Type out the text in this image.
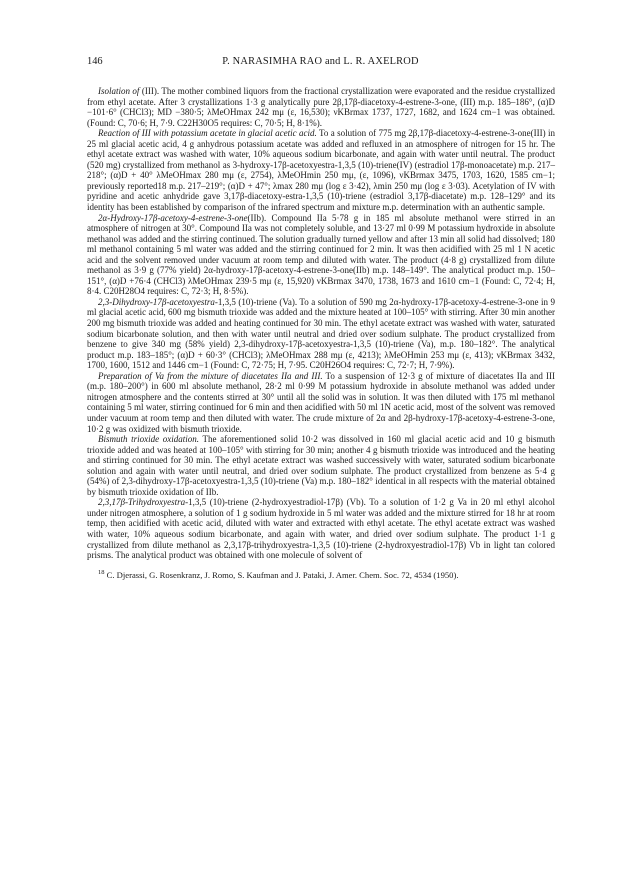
146	P. NARASIMHA RAO and L. R. AXELROD

Isolation of (III). The mother combined liquors from the fractional crystallization were evaporated and the residue crystallized from ethyl acetate. After 3 crystallizations 1·3 g analytically pure 2β,17β-diacetoxy-4-estrene-3-one, (III) m.p. 185–186°, (α)D −101·6° (CHCl3); MD −380·5; λMeOHmax 242 mμ (ε, 16,530); νKBrmax 1737, 1727, 1682, and 1624 cm−1 was obtained. (Found: C, 70·6; H, 7·9. C22H30O5 requires: C, 70·5; H, 8·1%).

Reaction of III with potassium acetate in glacial acetic acid. To a solution of 775 mg 2β,17β-diacetoxy-4-estrene-3-one(III) in 25 ml glacial acetic acid, 4 g anhydrous potassium acetate was added and refluxed in an atmosphere of nitrogen for 15 hr. The ethyl acetate extract was washed with water, 10% aqueous sodium bicarbonate, and again with water until neutral. The product (520 mg) crystallized from methanol as 3-hydroxy-17β-acetoxyestra-1,3,5 (10)-triene(IV) (estradiol 17β-monoacetate) m.p. 217–218°; (α)D + 40° λMeOHmax 280 mμ (ε, 2754), λMeOHmin 250 mμ, (ε, 1096), νKBrmax 3475, 1703, 1620, 1585 cm−1; previously reported18 m.p. 217–219°; (α)D + 47°; λmax 280 mμ (log ε 3·42), λmin 250 mμ (log ε 3·03). Acetylation of IV with pyridine and acetic anhydride gave 3,17β-diacetoxy-estra-1,3,5 (10)-triene (estradiol 3,17β-diacetate) m.p. 128–129° and its identity has been established by comparison of the infrared spectrum and mixture m.p. determination with an authentic sample.

2α-Hydroxy-17β-acetoxy-4-estrene-3-one(IIb). Compound IIa 5·78 g in 185 ml absolute methanol were stirred in an atmosphere of nitrogen at 30°. Compound IIa was not completely soluble, and 13·27 ml 0·99 M potassium hydroxide in absolute methanol was added and the stirring continued. The solution gradually turned yellow and after 13 min all solid had dissolved; 180 ml methanol containing 5 ml water was added and the stirring continued for 2 min. It was then acidified with 25 ml 1 N acetic acid and the solvent removed under vacuum at room temp and diluted with water. The product (4·8 g) crystallized from dilute methanol as 3·9 g (77% yield) 2α-hydroxy-17β-acetoxy-4-estrene-3-one(IIb) m.p. 148–149°. The analytical product m.p. 150–151°, (α)D +76·4 (CHCl3) λMeOHmax 239·5 mμ (ε, 15,920) νKBrmax 3470, 1738, 1673 and 1610 cm−1 (Found: C, 72·4; H, 8·4. C20H28O4 requires: C, 72·3; H, 8·5%).

2,3-Dihydroxy-17β-acetoxyestra-1,3,5 (10)-triene (Va). To a solution of 590 mg 2α-hydroxy-17β-acetoxy-4-estrene-3-one in 9 ml glacial acetic acid, 600 mg bismuth trioxide was added and the mixture heated at 100–105° with stirring. After 30 min another 200 mg bismuth trioxide was added and heating continued for 30 min. The ethyl acetate extract was washed with water, saturated sodium bicarbonate solution, and then with water until neutral and dried over sodium sulphate. The product crystallized from benzene to give 340 mg (58% yield) 2,3-dihydroxy-17β-acetoxyestra-1,3,5 (10)-triene (Va), m.p. 180–182°. The analytical product m.p. 183–185°; (α)D + 60·3° (CHCl3); λMeOHmax 288 mμ (ε, 4213); λMeOHmin 253 mμ (ε, 413); νKBrmax 3432, 1700, 1600, 1512 and 1446 cm−1 (Found: C, 72·75; H, 7·95. C20H26O4 requires: C, 72·7; H, 7·9%).

Preparation of Va from the mixture of diacetates IIa and III. To a suspension of 12·3 g of mixture of diacetates IIa and III (m.p. 180–200°) in 600 ml absolute methanol, 28·2 ml 0·99 M potassium hydroxide in absolute methanol was added under nitrogen atmosphere and the contents stirred at 30° until all the solid was in solution. It was then diluted with 175 ml methanol containing 5 ml water, stirring continued for 6 min and then acidified with 50 ml 1N acetic acid, most of the solvent was removed under vacuum at room temp and then diluted with water. The crude mixture of 2α and 2β-hydroxy-17β-acetoxy-4-estrene-3-one, 10·2 g was oxidized with bismuth trioxide.

Bismuth trioxide oxidation. The aforementioned solid 10·2 was dissolved in 160 ml glacial acetic acid and 10 g bismuth trioxide added and was heated at 100–105° with stirring for 30 min; another 4 g bismuth trioxide was introduced and the heating and stirring continued for 30 min. The ethyl acetate extract was washed successively with water, saturated sodium bicarbonate solution and again with water until neutral, and dried over sodium sulphate. The product crystallized from benzene as 5·4 g (54%) of 2,3-dihydroxy-17β-acetoxyestra-1,3,5 (10)-triene (Va) m.p. 180–182° identical in all respects with the material obtained by bismuth trioxide oxidation of IIb.

2,3,17β-Trihydroxyestra-1,3,5 (10)-triene (2-hydroxyestradiol-17β) (Vb). To a solution of 1·2 g Va in 20 ml ethyl alcohol under nitrogen atmosphere, a solution of 1 g sodium hydroxide in 5 ml water was added and the mixture stirred for 18 hr at room temp, then acidified with acetic acid, diluted with water and extracted with ethyl acetate. The ethyl acetate extract was washed with water, 10% aqueous sodium bicarbonate, and again with water, and dried over sodium sulphate. The product 1·1 g crystallized from dilute methanol as 2,3,17β-trihydroxyestra-1,3,5 (10)-triene (2-hydroxyestradiol-17β) Vb in light tan colored prisms. The analytical product was obtained with one molecule of solvent of

$^{18}$ C. Djerassi, G. Rosenkranz, J. Romo, S. Kaufman and J. Pataki, J. Amer. Chem. Soc. 72, 4534 (1950).
